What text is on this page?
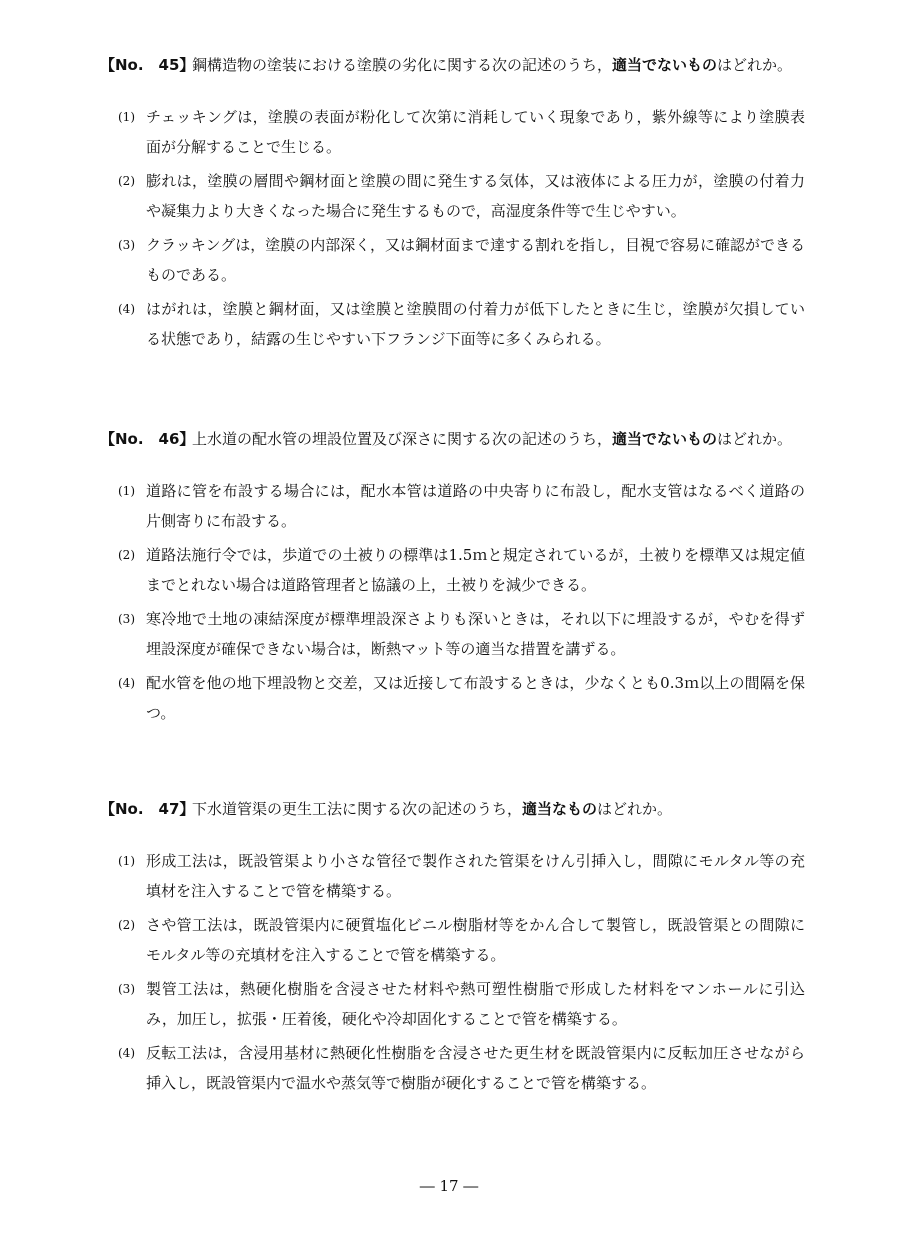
【No.　45】
鋼構造物の塗装における塗膜の劣化に関する次の記述のうち，適当でないものはどれか。
(1) チェッキングは，塗膜の表面が粉化して次第に消耗していく現象であり，紫外線等により塗膜表面が分解することで生じる。
(2) 膨れは，塗膜の層間や鋼材面と塗膜の間に発生する気体，又は液体による圧力が，塗膜の付着力や凝集力より大きくなった場合に発生するもので，高湿度条件等で生じやすい。
(3) クラッキングは，塗膜の内部深く，又は鋼材面まで達する割れを指し，目視で容易に確認ができるものである。
(4) はがれは，塗膜と鋼材面，又は塗膜と塗膜間の付着力が低下したときに生じ，塗膜が欠損している状態であり，結露の生じやすい下フランジ下面等に多くみられる。
【No.　46】
上水道の配水管の埋設位置及び深さに関する次の記述のうち，適当でないものはどれか。
(1) 道路に管を布設する場合には，配水本管は道路の中央寄りに布設し，配水支管はなるべく道路の片側寄りに布設する。
(2) 道路法施行令では，歩道での土被りの標準は1.5ｍと規定されているが，土被りを標準又は規定値までとれない場合は道路管理者と協議の上，土被りを減少できる。
(3) 寒冷地で土地の凍結深度が標準埋設深さよりも深いときは，それ以下に埋設するが，やむを得ず埋設深度が確保できない場合は，断熱マット等の適当な措置を講ずる。
(4) 配水管を他の地下埋設物と交差，又は近接して布設するときは，少なくとも0.3ｍ以上の間隔を保つ。
【No.　47】
下水道管渠の更生工法に関する次の記述のうち，適当なものはどれか。
(1) 形成工法は，既設管渠より小さな管径で製作された管渠をけん引挿入し，間隙にモルタル等の充填材を注入することで管を構築する。
(2) さや管工法は，既設管渠内に硬質塩化ビニル樹脂材等をかん合して製管し，既設管渠との間隙にモルタル等の充填材を注入することで管を構築する。
(3) 製管工法は，熱硬化樹脂を含浸させた材料や熱可塑性樹脂で形成した材料をマンホールに引込み，加圧し，拡張・圧着後，硬化や冷却固化することで管を構築する。
(4) 反転工法は，含浸用基材に熱硬化性樹脂を含浸させた更生材を既設管渠内に反転加圧させながら挿入し，既設管渠内で温水や蒸気等で樹脂が硬化することで管を構築する。
― 17 ―
